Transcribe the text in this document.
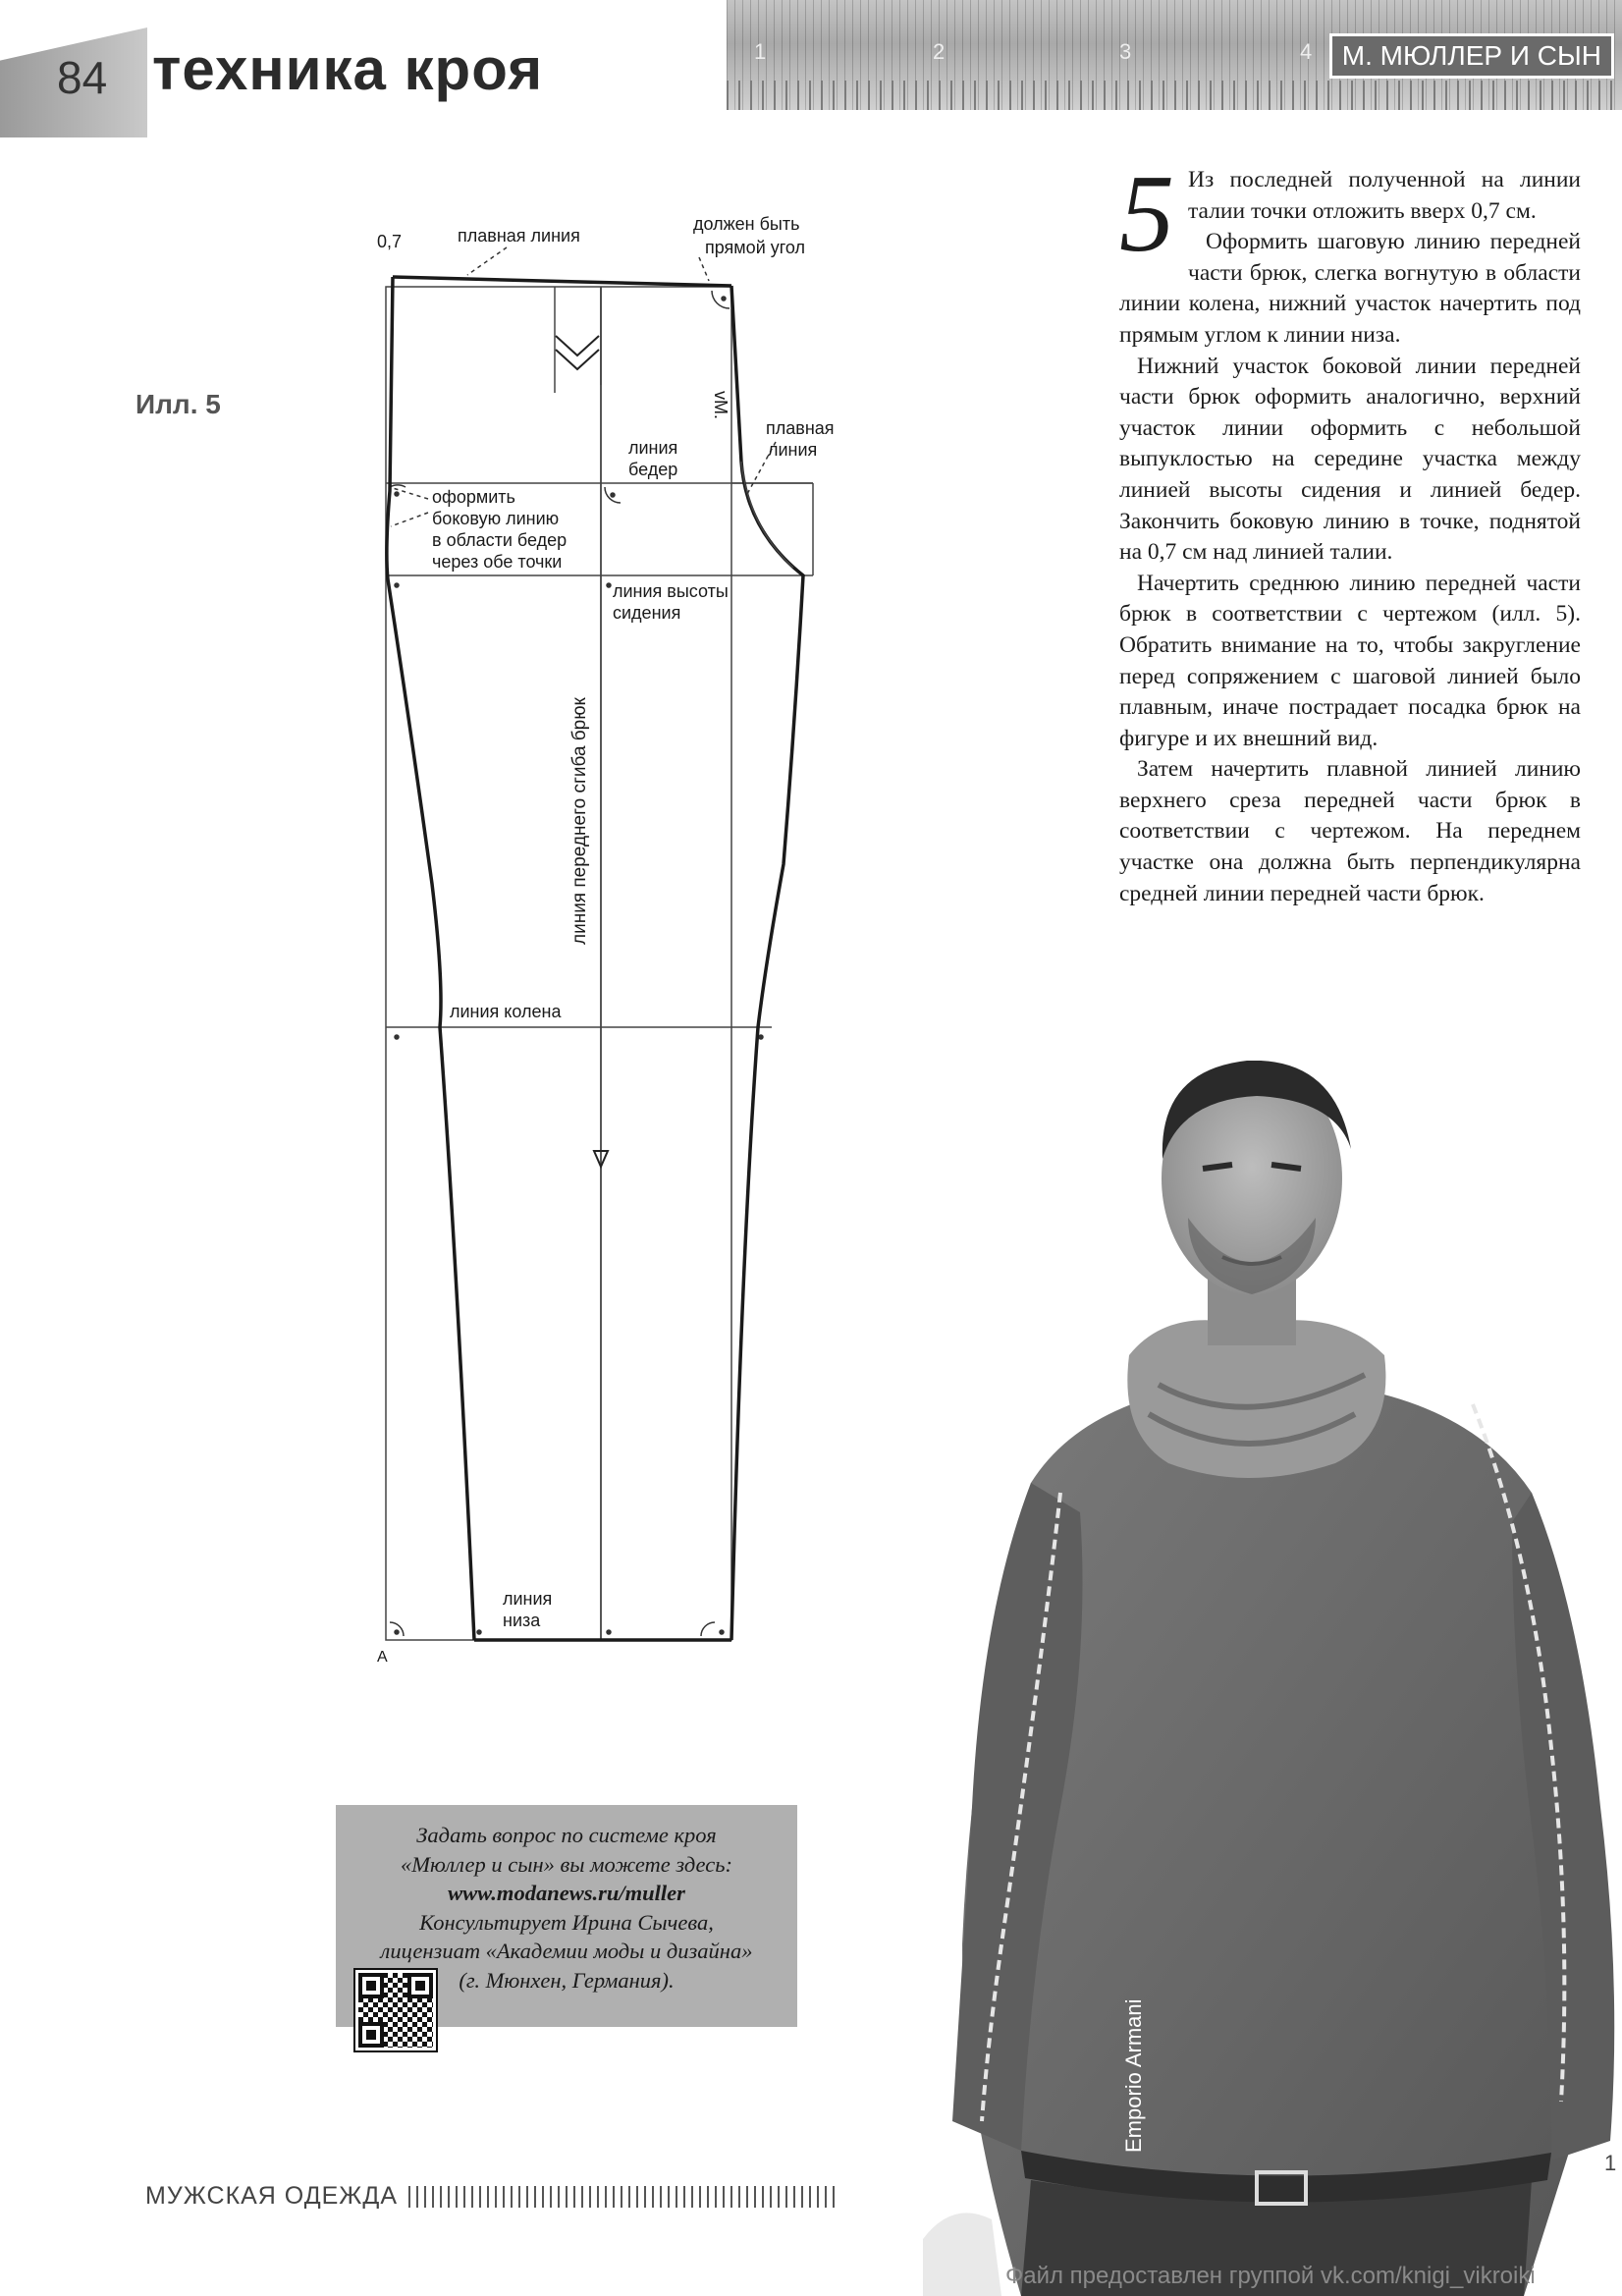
84 техника кроя	1	2	3	4	М. МЮЛЛЕР И СЫН
Илл. 5
0,7	плавная линия
должен быть
прямой угол
плавная
линия
vM.
линия
бедер
оформить
боковую линию
в области бедер
через обе точки
линия высоты
сидения
линия переднего сгиба брюк
линия колена
линия
низа
A

5 Из последней полученной на линии талии точки отложить вверх 0,7 см.

Оформить шаговую линию передней части брюк, слегка вогнутую в области линии колена, нижний участок начертить под прямым углом к линии низа.

Нижний участок боковой линии передней части брюк оформить аналогично, верхний участок линии оформить с небольшой выпуклостью на середине участка между линией высоты сидения и линией бедер. Закончить боковую линию в точке, поднятой на 0,7 см над линией талии.

Начертить среднюю линию передней части брюк в соответствии с чертежом (илл. 5). Обратить внимание на то, чтобы закругление перед сопряжением с шаговой линией было плавным, иначе пострадает посадка брюк на фигуре и их внешний вид.

Затем начертить плавной линией линию верхнего среза передней части брюк в соответствии с чертежом. На переднем участке она должна быть перпендикулярна средней линии передней части брюк.

Задать вопрос по системе кроя
«Мюллер и сын» вы можете здесь:
www.modanews.ru/muller
Консультирует Ирина Сычева,
лицензиат «Академии моды и дизайна»
(г. Мюнхен, Германия).
Emporio Armani
Файл предоставлен группой vk.com/knigi_vikroiki
МУЖСКАЯ ОДЕЖДА
1
